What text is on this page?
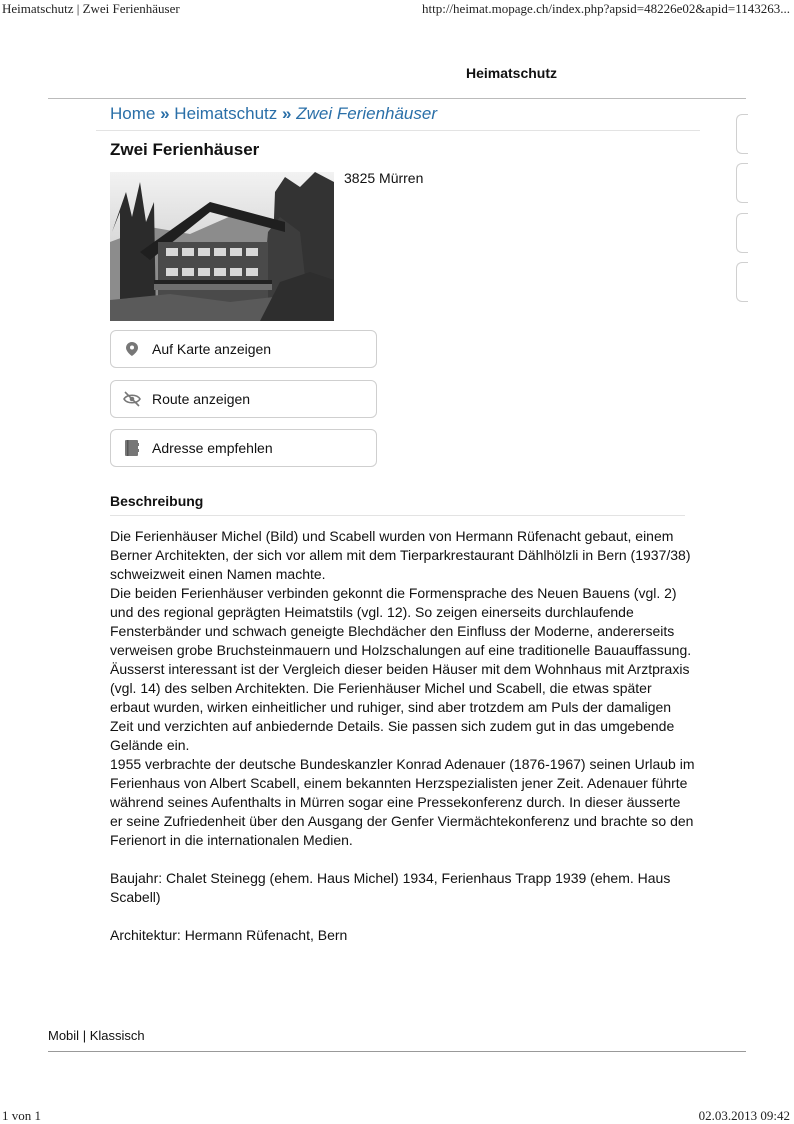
Heimatschutz | Zwei Ferienhäuser	http://heimat.mopage.ch/index.php?apsid=48226e02&apid=1143263...
Heimatschutz
Home » Heimatschutz » Zwei Ferienhäuser
Zwei Ferienhäuser
3825 Mürren
Auf Karte anzeigen
Route anzeigen
Adresse empfehlen
Beschreibung

Die Ferienhäuser Michel (Bild) und Scabell wurden von Hermann Rüfenacht gebaut, einem Berner Architekten, der sich vor allem mit dem Tierparkrestaurant Dählhölzli in Bern (1937/38) schweizweit einen Namen machte.

Die beiden Ferienhäuser verbinden gekonnt die Formensprache des Neuen Bauens (vgl. 2) und des regional geprägten Heimatstils (vgl. 12). So zeigen einerseits durchlaufende Fensterbänder und schwach geneigte Blechdächer den Einfluss der Moderne, andererseits verweisen grobe Bruchsteinmauern und Holzschalungen auf eine traditionelle Bauauffassung.

Äusserst interessant ist der Vergleich dieser beiden Häuser mit dem Wohnhaus mit Arztpraxis (vgl. 14) des selben Architekten. Die Ferienhäuser Michel und Scabell, die etwas später erbaut wurden, wirken einheitlicher und ruhiger, sind aber trotzdem am Puls der damaligen Zeit und verzichten auf anbiedernde Details. Sie passen sich zudem gut in das umgebende Gelände ein.

1955 verbrachte der deutsche Bundeskanzler Konrad Adenauer (1876-1967) seinen Urlaub im Ferienhaus von Albert Scabell, einem bekannten Herzspezialisten jener Zeit. Adenauer führte während seines Aufenthalts in Mürren sogar eine Pressekonferenz durch. In dieser äusserte er seine Zufriedenheit über den Ausgang der Genfer Viermächtekonferenz und brachte so den Ferienort in die internationalen Medien.

Baujahr: Chalet Steinegg (ehem. Haus Michel) 1934, Ferienhaus Trapp 1939 (ehem. Haus Scabell)

Architektur: Hermann Rüfenacht, Bern

Mobil | Klassisch
1 von 1	02.03.2013 09:42
